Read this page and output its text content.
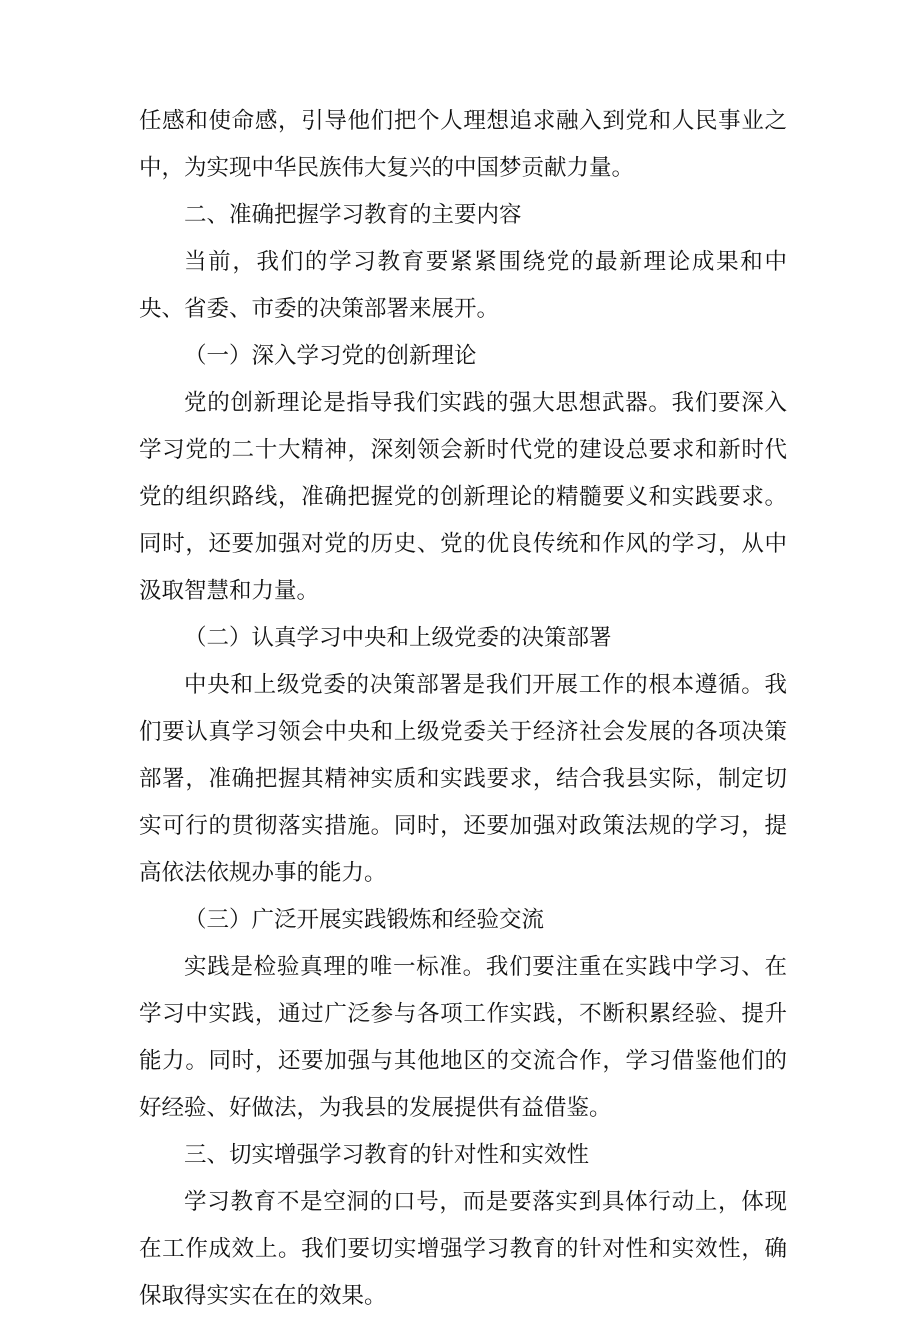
任感和使命感，引导他们把个人理想追求融入到党和人民事业之中，为实现中华民族伟大复兴的中国梦贡献力量。

二、准确把握学习教育的主要内容

当前，我们的学习教育要紧紧围绕党的最新理论成果和中央、省委、市委的决策部署来展开。

（一）深入学习党的创新理论

党的创新理论是指导我们实践的强大思想武器。我们要深入学习党的二十大精神，深刻领会新时代党的建设总要求和新时代党的组织路线，准确把握党的创新理论的精髓要义和实践要求。同时，还要加强对党的历史、党的优良传统和作风的学习，从中汲取智慧和力量。

（二）认真学习中央和上级党委的决策部署

中央和上级党委的决策部署是我们开展工作的根本遵循。我们要认真学习领会中央和上级党委关于经济社会发展的各项决策部署，准确把握其精神实质和实践要求，结合我县实际，制定切实可行的贯彻落实措施。同时，还要加强对政策法规的学习，提高依法依规办事的能力。

（三）广泛开展实践锻炼和经验交流

实践是检验真理的唯一标准。我们要注重在实践中学习、在学习中实践，通过广泛参与各项工作实践，不断积累经验、提升能力。同时，还要加强与其他地区的交流合作，学习借鉴他们的好经验、好做法，为我县的发展提供有益借鉴。

三、切实增强学习教育的针对性和实效性

学习教育不是空洞的口号，而是要落实到具体行动上，体现在工作成效上。我们要切实增强学习教育的针对性和实效性，确保取得实实在在的效果。
